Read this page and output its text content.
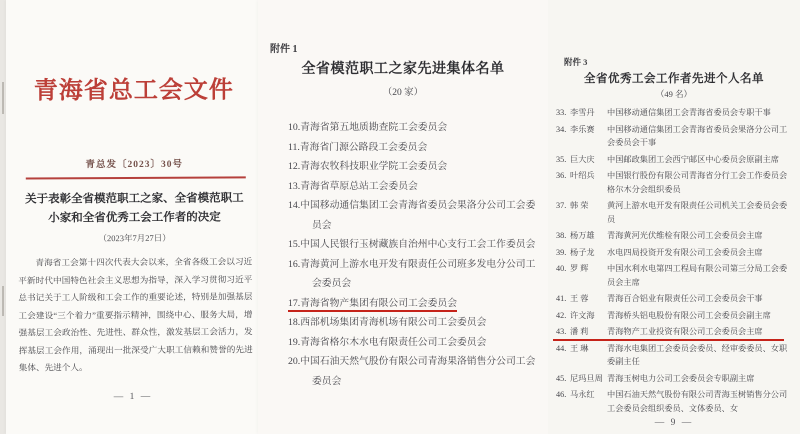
青海省总工会文件
青总发〔2023〕30号
关于表彰全省模范职工之家、全省模范职工
小家和全省优秀工会工作者的决定
（2023年7月27日）
青海省工会第十四次代表大会以来，全省各级工会以习近平新时代中国特色社会主义思想为指导，深入学习贯彻习近平总书记关于工人阶级和工会工作的重要论述，特别是加强基层工会建设“三个着力”重要指示精神，围绕中心、服务大局，增强基层工会政治性、先进性、群众性，激发基层工会活力，发挥基层工会作用，涌现出一批深受广大职工信赖和赞誉的先进集体、先进个人。
— 1 —
附件 1
全省模范职工之家先进集体名单
（20 家）
10.青海省第五地质勘查院工会委员会
11.青海省门源公路段工会委员会
12.青海农牧科技职业学院工会委员会
13.青海省草原总站工会委员会
14.中国移动通信集团工会青海省委员会果洛分公司工会委员会
15.中国人民银行玉树藏族自治州中心支行工会工作委员会
16.青海黄河上游水电开发有限责任公司班多发电分公司工会委员会
17.青海省物产集团有限公司工会委员会
18.西部机场集团青海机场有限公司工会委员会
19.青海省格尔木水电有限责任公司工会委员会
20.中国石油天然气股份有限公司青海果洛销售分公司工会委员会
附件 3
全省优秀工会工作者先进个人名单
（49 名）
33. 李雪丹	中国移动通信集团工会青海省委员会专职干事
34. 李乐赛	中国移动通信集团工会青海省委员会果洛分公司工会委员会干事
35. 巨大庆	中国邮政集团工会西宁邮区中心委员会原副主席
36. 叶绍兵	中国银行股份有限公司青海省分行工会工作委员会格尔木分会组织委员
37. 韩 荣	黄河上游水电开发有限责任公司机关工会委员会委员
38. 杨万雄	青海黄河光伏维检有限公司工会委员会主席
39. 杨子龙	水电四局投资开发有限公司工会委员会主席
40. 罗 辉	中国水利水电第四工程局有限公司第三分局工会委员会主席
41. 王 蓉	青海百合铝业有限责任公司工会委员会干事
42. 许文海	青海桥头铝电股份有限公司工会委员会副主席
43. 潘 莉	青海物产工业投资有限公司工会委员会主席
44. 王 琳	青海水电集团工会委员会委员、经审委委员、女职委副主任
45. 尼玛旦周 青海玉树电力公司工会委员会专职副主席
46. 马永红	中国石油天然气股份有限公司青海玉树销售分公司工会委员会组织委员、文体委员、女
— 9 —
